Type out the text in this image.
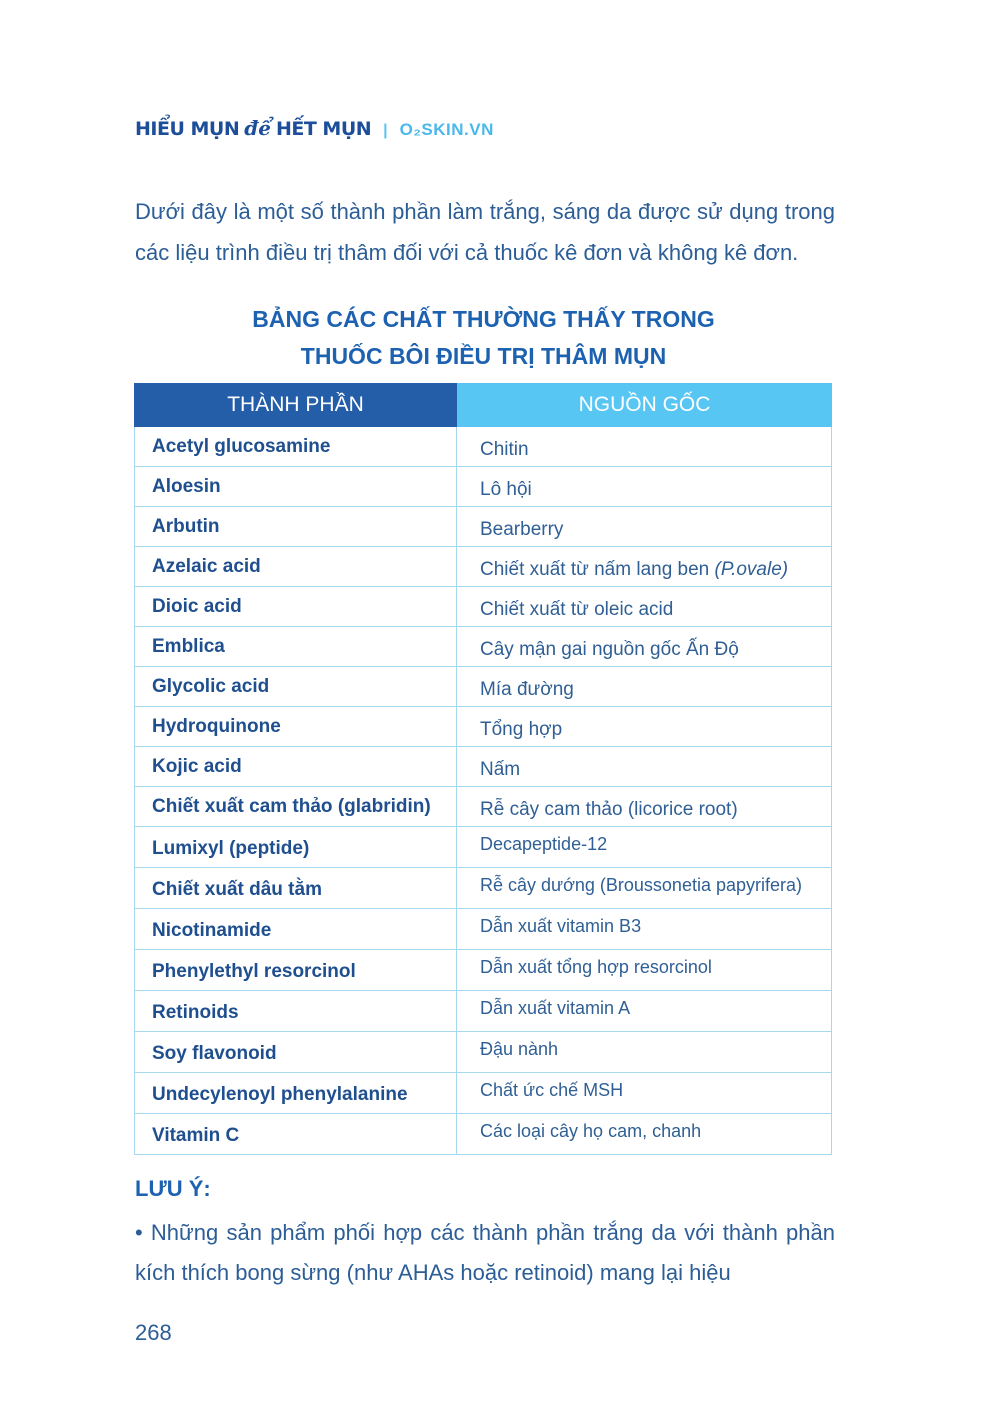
HIỂU MỤN để HẾT MỤN | O₂SKIN.VN
Dưới đây là một số thành phần làm trắng, sáng da được sử dụng trong các liệu trình điều trị thâm đối với cả thuốc kê đơn và không kê đơn.
BẢNG CÁC CHẤT THƯỜNG THẤY TRONG
THUỐC BÔI ĐIỀU TRỊ THÂM MỤN
THÀNH PHẦN	NGUỒN GỐC
Acetyl glucosamine	Chitin
Aloesin	Lô hội
Arbutin	Bearberry
Azelaic acid	Chiết xuất từ nấm lang ben (P.ovale)
Dioic acid	Chiết xuất từ oleic acid
Emblica	Cây mận gai nguồn gốc Ấn Độ
Glycolic acid	Mía đường
Hydroquinone	Tổng hợp
Kojic acid	Nấm
Chiết xuất cam thảo (glabridin)	Rễ cây cam thảo (licorice root)
Lumixyl (peptide)	Decapeptide-12
Chiết xuất dâu tằm	Rễ cây dướng (Broussonetia papyrifera)
Nicotinamide	Dẫn xuất vitamin B3
Phenylethyl resorcinol	Dẫn xuất tổng hợp resorcinol
Retinoids	Dẫn xuất vitamin A
Soy flavonoid	Đậu nành
Undecylenoyl phenylalanine	Chất ức chế MSH
Vitamin C	Các loại cây họ cam, chanh
LƯU Ý:
• Những sản phẩm phối hợp các thành phần trắng da với thành phần kích thích bong sừng (như AHAs hoặc retinoid) mang lại hiệu
268
